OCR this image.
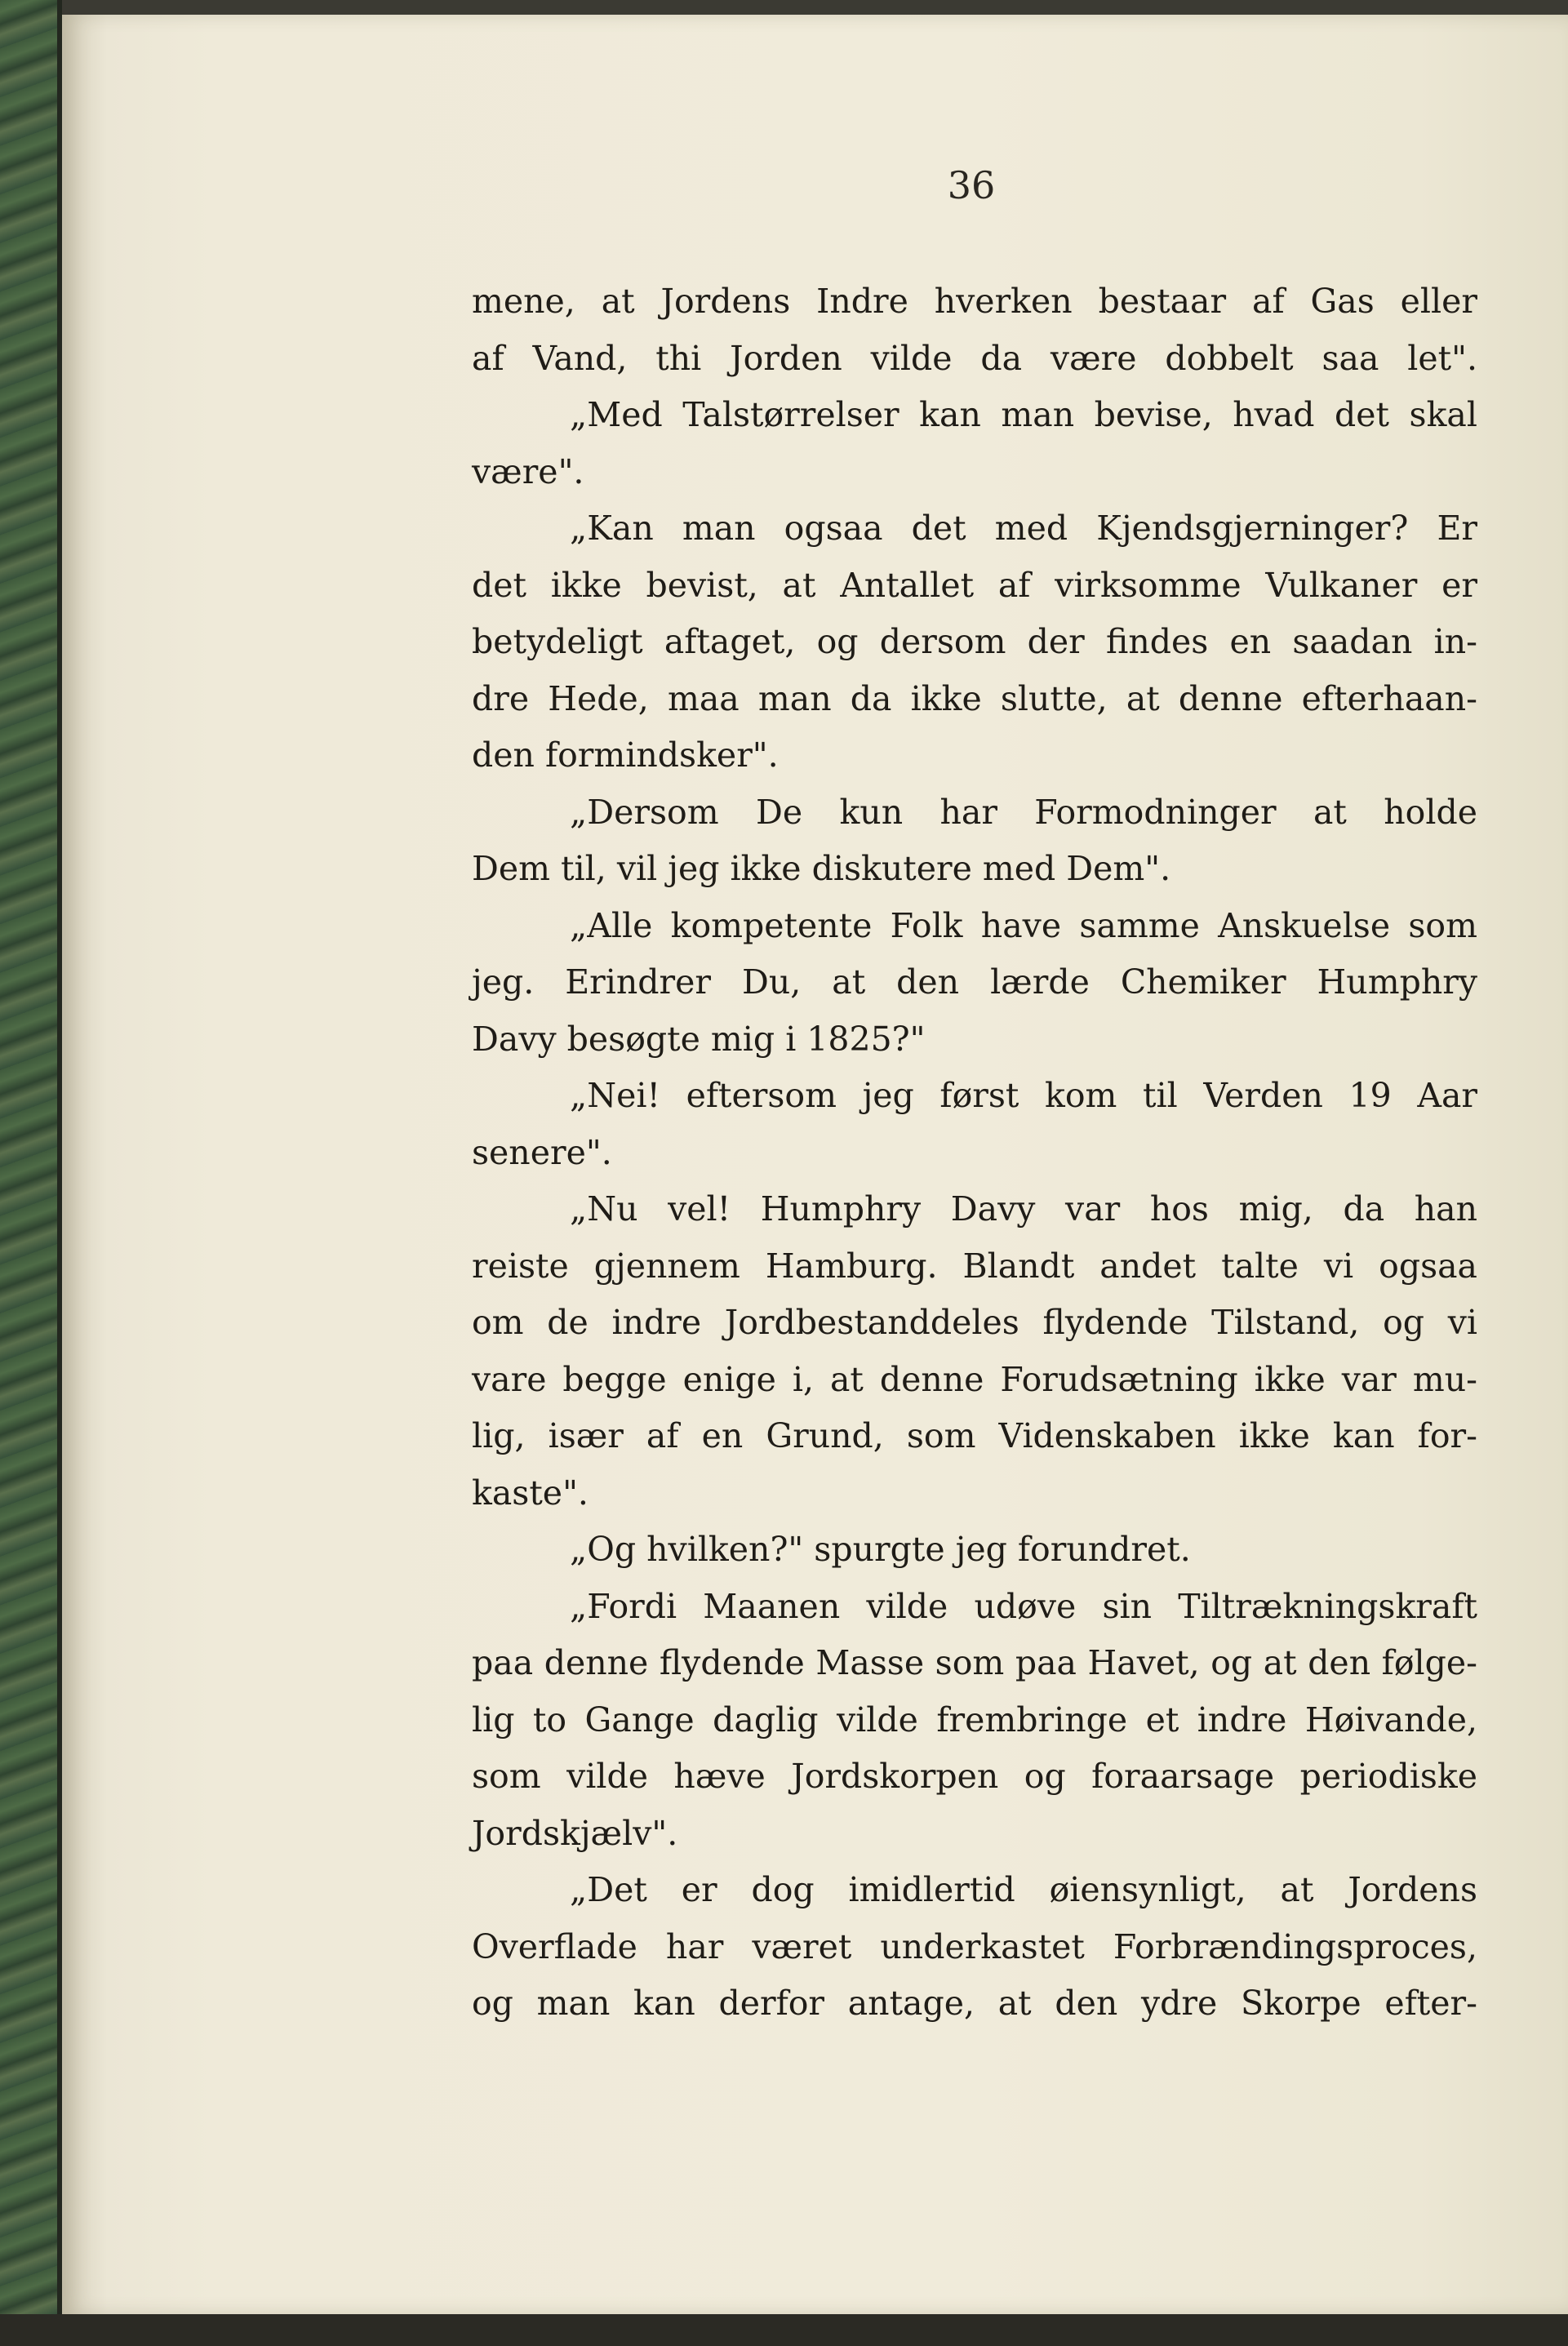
36
mene, at Jordens Indre hverken bestaar af Gas eller
af Vand, thi Jorden vilde da være dobbelt saa let".
„Med Talstørrelser kan man bevise, hvad det skal
være".
„Kan man ogsaa det med Kjendsgjerninger? Er
det ikke bevist, at Antallet af virksomme Vulkaner er
betydeligt aftaget, og dersom der findes en saadan in-
dre Hede, maa man da ikke slutte, at denne efterhaan-
den formindsker".
„Dersom De kun har Formodninger at holde
Dem til, vil jeg ikke diskutere med Dem".
„Alle kompetente Folk have samme Anskuelse som
jeg. Erindrer Du, at den lærde Chemiker Humphry
Davy besøgte mig i 1825?"
„Nei! eftersom jeg først kom til Verden 19 Aar
senere".
„Nu vel! Humphry Davy var hos mig, da han
reiste gjennem Hamburg. Blandt andet talte vi ogsaa
om de indre Jordbestanddeles flydende Tilstand, og vi
vare begge enige i, at denne Forudsætning ikke var mu-
lig, især af en Grund, som Videnskaben ikke kan for-
kaste".
„Og hvilken?" spurgte jeg forundret.
„Fordi Maanen vilde udøve sin Tiltrækningskraft
paa denne flydende Masse som paa Havet, og at den følge-
lig to Gange daglig vilde frembringe et indre Høivande,
som vilde hæve Jordskorpen og foraarsage periodiske
Jordskjælv".
„Det er dog imidlertid øiensynligt, at Jordens
Overflade har været underkastet Forbrændingsproces,
og man kan derfor antage, at den ydre Skorpe efter-
